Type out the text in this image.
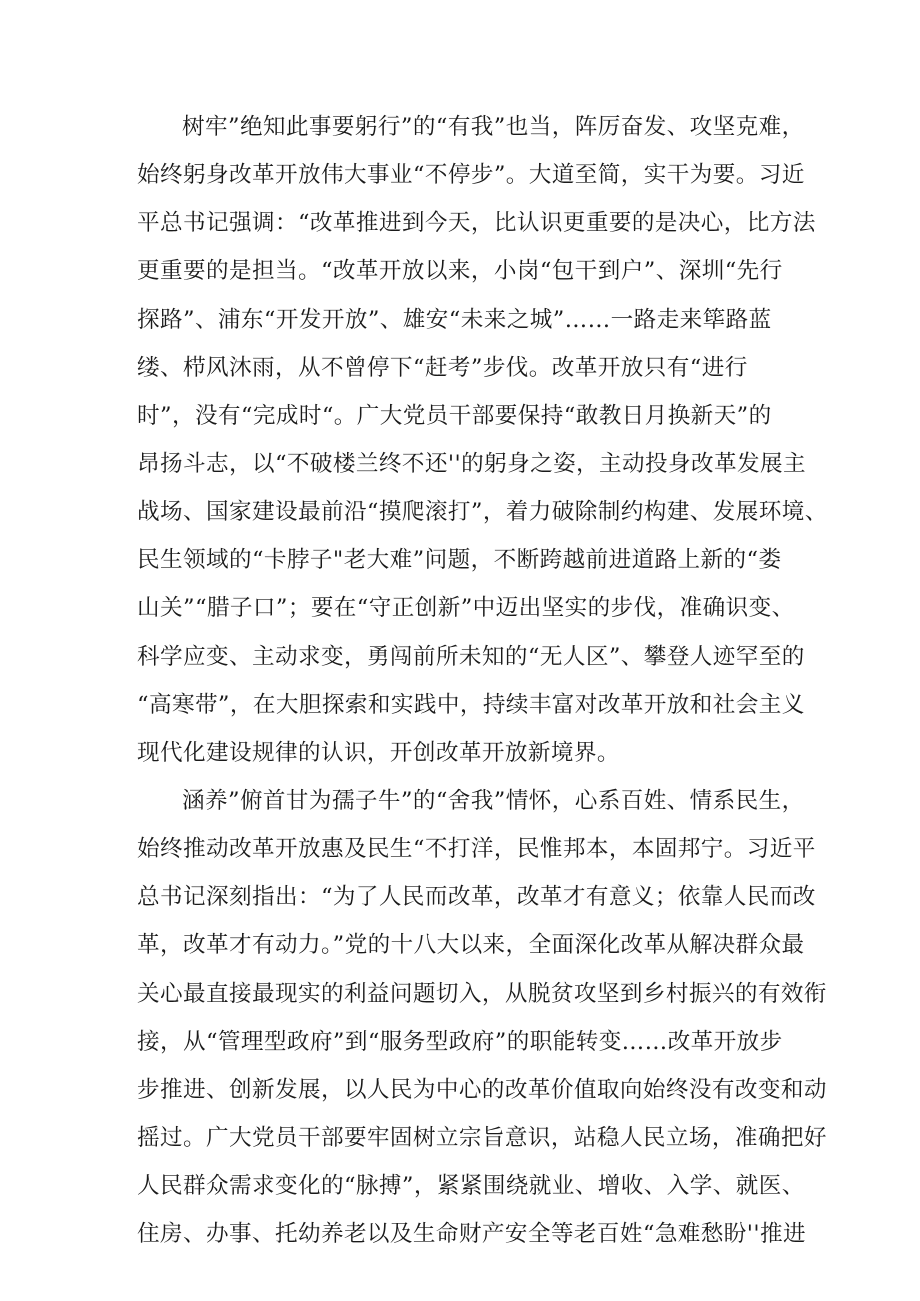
树牢”绝知此事要躬行”的“有我”也当，阵厉奋发、攻坚克难，
始终躬身改革开放伟大事业“不停步”。大道至简，实干为要。习近
平总书记强调：“改革推进到今天，比认识更重要的是决心，比方法
更重要的是担当。“改革开放以来，小岗“包干到户”、深圳“先行
探路”、浦东“开发开放”、雄安“未来之城”……一路走来筚路蓝
缕、栉风沐雨，从不曾停下“赶考”步伐。改革开放只有“进行
时”，没有“完成时“。广大党员干部要保持“敢教日月换新天”的
昂扬斗志，以“不破楼兰终不还''的躬身之姿，主动投身改革发展主
战场、国家建设最前沿“摸爬滚打”，着力破除制约构建、发展环境、
民生领域的“卡脖子"老大难”问题，不断跨越前进道路上新的“娄
山关”“腊子口”；要在“守正创新”中迈出坚实的步伐，准确识变、
科学应变、主动求变，勇闯前所未知的“无人区”、攀登人迹罕至的
“高寒带”，在大胆探索和实践中，持续丰富对改革开放和社会主义
现代化建设规律的认识，开创改革开放新境界。
涵养”俯首甘为孺子牛”的“舍我”情怀，心系百姓、情系民生，
始终推动改革开放惠及民生“不打洋，民惟邦本，本固邦宁。习近平
总书记深刻指出：“为了人民而改革，改革才有意义；依靠人民而改
革，改革才有动力。”党的十八大以来，全面深化改革从解决群众最
关心最直接最现实的利益问题切入，从脱贫攻坚到乡村振兴的有效衔
接，从“管理型政府”到“服务型政府”的职能转变……改革开放步
步推进、创新发展，以人民为中心的改革价值取向始终没有改变和动
摇过。广大党员干部要牢固树立宗旨意识，站稳人民立场，准确把好
人民群众需求变化的“脉搏”，紧紧围绕就业、增收、入学、就医、
住房、办事、托幼养老以及生命财产安全等老百姓“急难愁盼''推进
